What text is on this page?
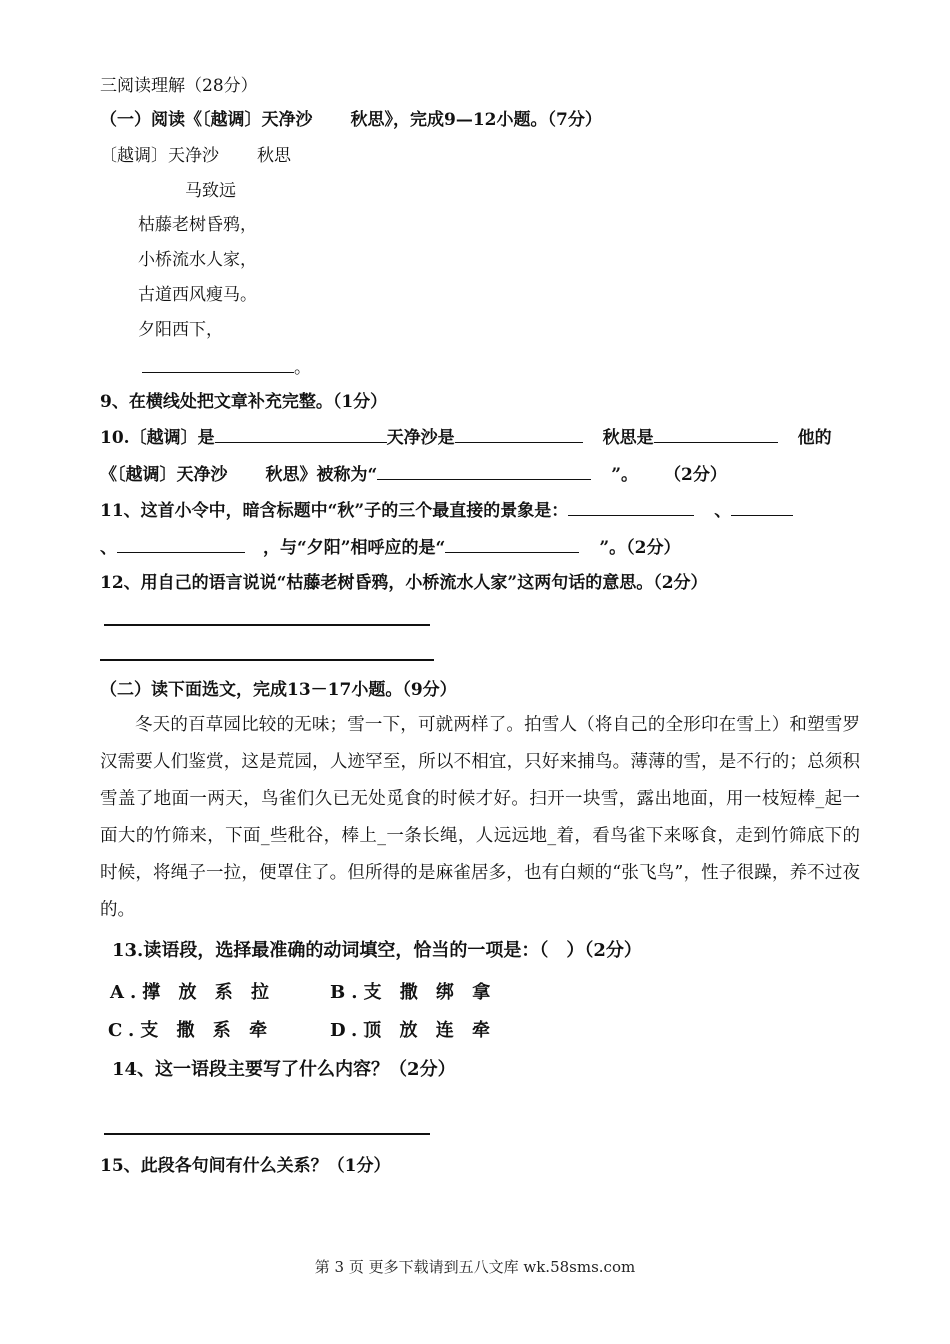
三阅读理解（28分）
（一）阅读《〔越调〕天净沙 秋思》，完成9—12小题。（7分）
〔越调〕天净沙 秋思
马致远
枯藤老树昏鸦，
小桥流水人家，
古道西风瘦马。
夕阳西下，
。
9、在横线处把文章补充完整。（1分）
10.〔越调〕是	天净沙是	秋思是	他的
《〔越调〕天净沙 秋思》被称为“	”。 （2分）
11、这首小令中，暗含标题中“秋”子的三个最直接的景象是：	、
、	，与“夕阳”相呼应的是“	”。（2分）
12、用自己的语言说说“枯藤老树昏鸦，小桥流水人家”这两句话的意思。（2分）
（二）读下面选文，完成13－17小题。（9分）
冬天的百草园比较的无味；雪一下，可就两样了。拍雪人（将自己的全形印在雪上）和塑雪罗汉需要人们鉴赏，这是荒园，人迹罕至，所以不相宜，只好来捕鸟。薄薄的雪，是不行的；总须积雪盖了地面一两天，鸟雀们久已无处觅食的时候才好。扫开一块雪，露出地面，用一枝短棒_起一面大的竹筛来，下面_些秕谷，棒上_一条长绳，人远远地_着，看鸟雀下来啄食，走到竹筛底下的时候，将绳子一拉，便罩住了。但所得的是麻雀居多，也有白颊的“张飞鸟”，性子很躁，养不过夜的。
13.读语段，选择最准确的动词填空，恰当的一项是：（　）（2分）
A.撑 放 系 拉	B.支 撒 绑 拿
C.支 撒 系 牵	D.顶 放 连 牵
14、这一语段主要写了什么内容？（2分）
15、此段各句间有什么关系？（1分）
第 3 页 更多下载请到五八文库 wk.58sms.com
